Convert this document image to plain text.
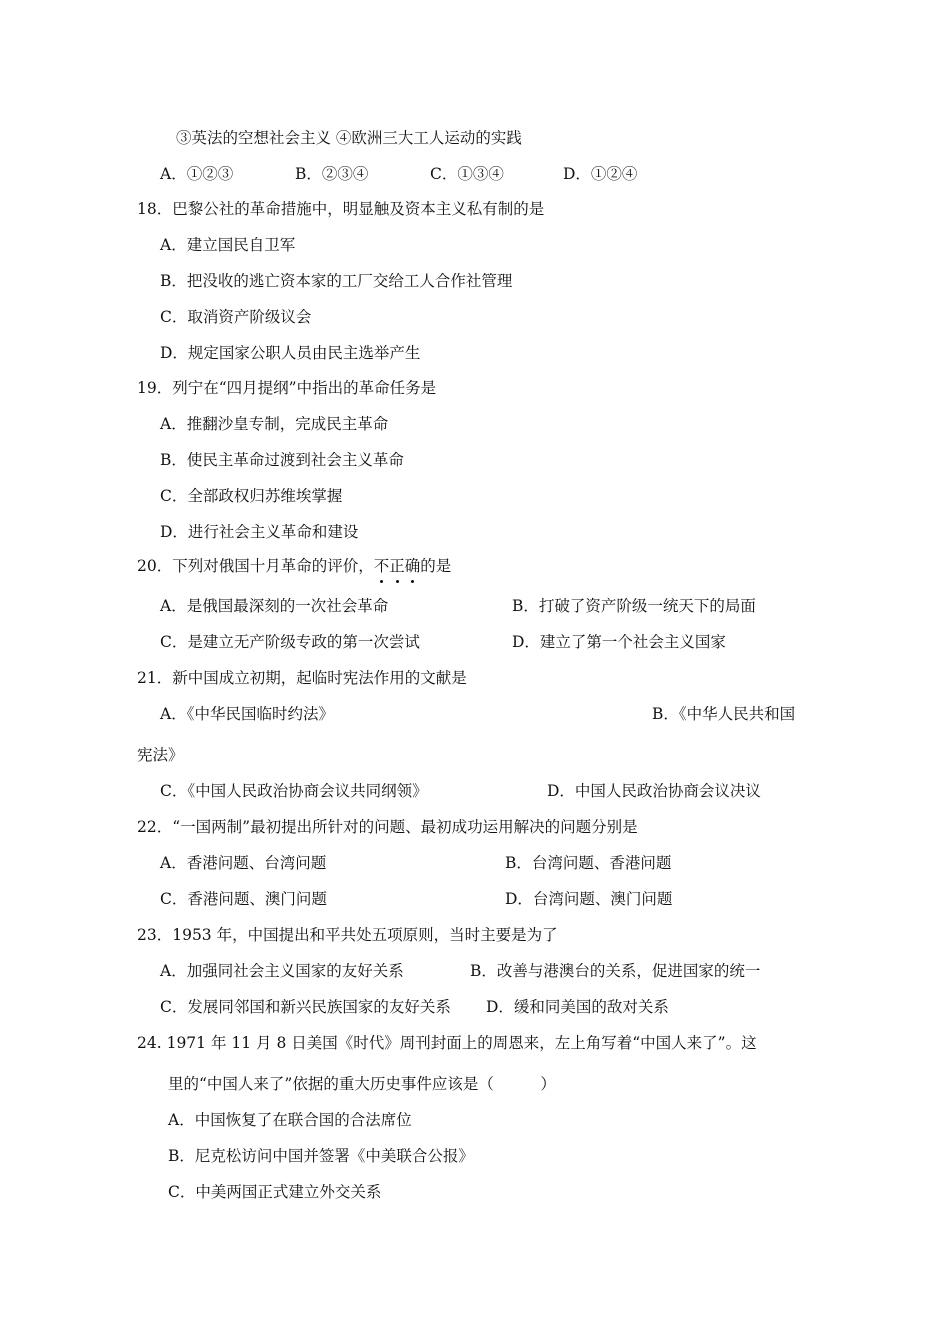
③英法的空想社会主义 ④欧洲三大工人运动的实践
A．①②③	B．②③④	C．①③④	D．①②④
18．巴黎公社的革命措施中，明显触及资本主义私有制的是
A．建立国民自卫军
B．把没收的逃亡资本家的工厂交给工人合作社管理
C．取消资产阶级议会
D．规定国家公职人员由民主选举产生
19．列宁在“四月提纲”中指出的革命任务是
A．推翻沙皇专制，完成民主革命
B．使民主革命过渡到社会主义革命
C．全部政权归苏维埃掌握
D．进行社会主义革命和建设
20．下列对俄国十月革命的评价，不正确的是
A．是俄国最深刻的一次社会革命	B．打破了资产阶级一统天下的局面
C．是建立无产阶级专政的第一次尝试	D．建立了第一个社会主义国家
21．新中国成立初期，起临时宪法作用的文献是
A．《中华民国临时约法》	B．《中华人民共和国
宪法》
C．《中国人民政治协商会议共同纲领》	D．中国人民政治协商会议决议
22．“一国两制”最初提出所针对的问题、最初成功运用解决的问题分别是
A．香港问题、台湾问题	B．台湾问题、香港问题
C．香港问题、澳门问题	D．台湾问题、澳门问题
23．1953 年，中国提出和平共处五项原则，当时主要是为了
A．加强同社会主义国家的友好关系	B．改善与港澳台的关系，促进国家的统一
C．发展同邻国和新兴民族国家的友好关系 D．缓和同美国的敌对关系
24. 1971 年 11 月 8 日美国《时代》周刊封面上的周恩来，左上角写着“中国人来了”。这
里的“中国人来了”依据的重大历史事件应该是（　　　）
A．中国恢复了在联合国的合法席位
B．尼克松访问中国并签署《中美联合公报》
C．中美两国正式建立外交关系
